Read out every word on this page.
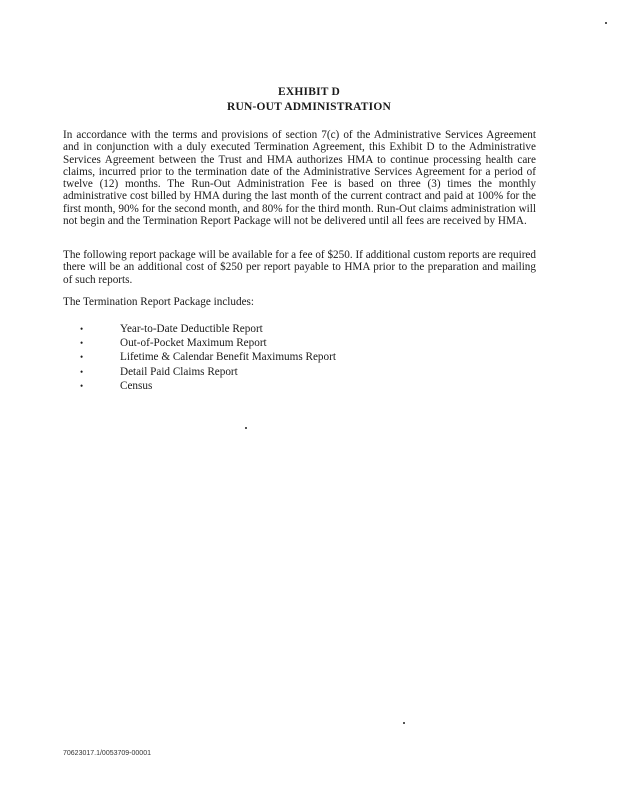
EXHIBIT D
RUN-OUT ADMINISTRATION

In accordance with the terms and provisions of section 7(c) of the Administrative Services Agreement and in conjunction with a duly executed Termination Agreement, this Exhibit D to the Administrative Services Agreement between the Trust and HMA authorizes HMA to continue processing health care claims, incurred prior to the termination date of the Administrative Services Agreement for a period of twelve (12) months. The Run-Out Administration Fee is based on three (3) times the monthly administrative cost billed by HMA during the last month of the current contract and paid at 100% for the first month, 90% for the second month, and 80% for the third month. Run-Out claims administration will not begin and the Termination Report Package will not be delivered until all fees are received by HMA.

The following report package will be available for a fee of $250. If additional custom reports are required there will be an additional cost of $250 per report payable to HMA prior to the preparation and mailing of such reports.

The Termination Report Package includes:

•	Year-to-Date Deductible Report
•	Out-of-Pocket Maximum Report
•	Lifetime & Calendar Benefit Maximums Report
•	Detail Paid Claims Report
•	Census
70623017.1/0053709-00001
